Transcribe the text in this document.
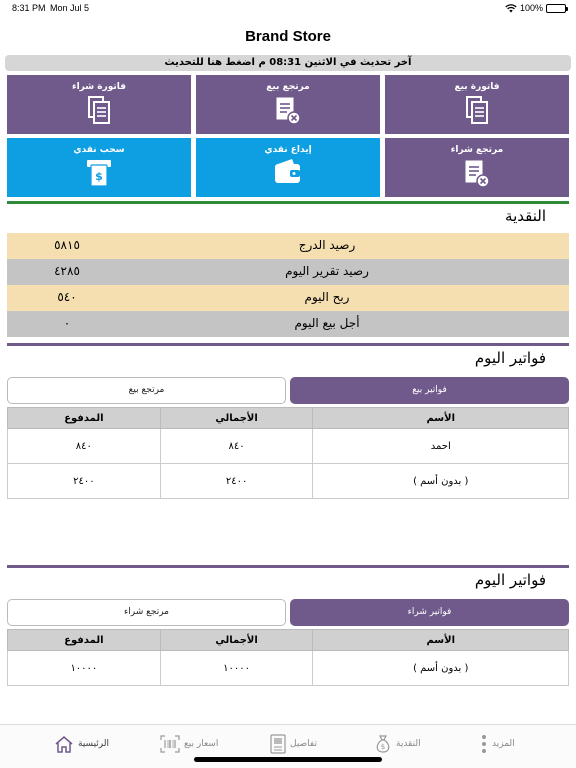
8:31 PM Mon Jul 5	100%
Brand Store
آخر تحديث في الاثنين 08:31 م اضغط هنا للتحديث
فاتورة بيع
مرتجع بيع
فاتورة شراء
مرتجع شراء
إيداع نقدي
سحب نقدي
$
النقدية
رصيد الدرج
٥٨١٥
رصيد تقرير اليوم
٤٢٨٥
ربح اليوم
٥٤٠
أجل بيع اليوم
٠
فواتير اليوم
مرتجع بيع	فواتير بيع
المدفوع	الأجمالي	الأسم
٨٤٠	٨٤٠	احمد
٢٤٠٠	٢٤٠٠	( بدون أسم )
فواتير اليوم
مرتجع شراء	فواتير شراء
المدفوع	الأجمالي	الأسم
١٠٠٠٠	١٠٠٠٠	( بدون أسم )
المزيد
$ النقدية
تفاصيل
اسعار بيع
الرئيسية
